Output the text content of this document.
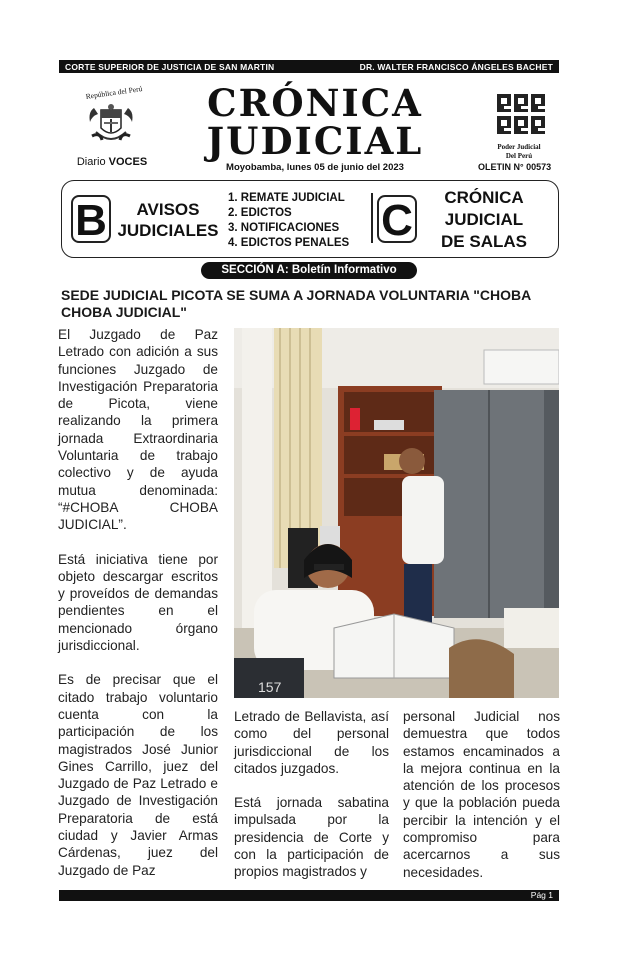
CORTE SUPERIOR DE JUSTICIA DE SAN MARTIN	DR. WALTER FRANCISCO ÁNGELES BACHET
República del Perú
Diario VOCES
CRÓNICA
JUDICIAL
Moyobamba, lunes 05 de junio del 2023
Poder Judicial
Del Perú
OLETIN N° 00573
B	AVISOS
JUDICIALES
1. REMATE JUDICIAL
2. EDICTOS
3. NOTIFICACIONES
4. EDICTOS PENALES C	CRÓNICA
JUDICIAL
DE SALAS
SECCIÓN A: Boletín Informativo
SEDE JUDICIAL PICOTA SE SUMA A JORNADA VOLUNTARIA "CHOBA CHOBA JUDICIAL"

El Juzgado de Paz Letrado con adición a sus funciones Juzgado de Investigación Preparatoria de Picota, viene realizando la primera jornada Extraordinaria Voluntaria de trabajo colectivo y de ayuda mutua denominada: “#CHOBA CHOBA JUDICIAL”.

Está iniciativa tiene por objeto descargar escritos y proveídos de demandas pendientes en el mencionado órgano jurisdiccional.

Es de precisar que el citado trabajo voluntario cuenta con la participación de los magistrados José Junior Gines Carrillo, juez del Juzgado de Paz Letrado e Juzgado de Investigación Preparatoria de está ciudad y Javier Armas Cárdenas, juez del Juzgado de Paz

157

Letrado de Bellavista, así como del personal jurisdiccional de los citados juzgados.

Está jornada sabatina impulsada por la presidencia de Corte y con la participación de propios magistrados y

personal Judicial nos demuestra que todos estamos encaminados a la mejora continua en la atención de los procesos y que la población pueda percibir la intención y el compromiso para acercarnos a sus necesidades.

Pág 1
